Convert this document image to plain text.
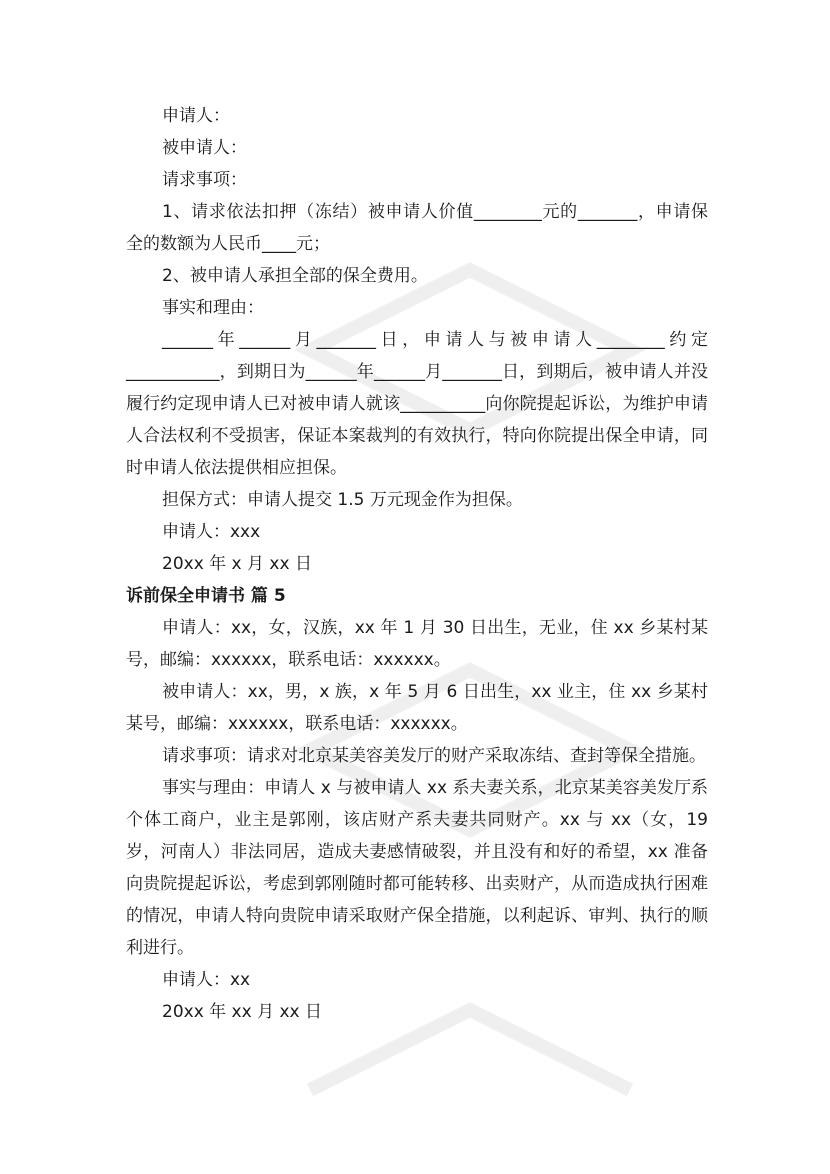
申请人：

被申请人：

请求事项：

1、请求依法扣押（冻结）被申请人价值________元的_______，申请保全的数额为人民币____元；

2、被申请人承担全部的保全费用。

事实和理由：

______年______月_______日，申请人与被申请人________约定___________，到期日为______年______月_______日，到期后，被申请人并没履行约定现申请人已对被申请人就该__________向你院提起诉讼，为维护申请人合法权利不受损害，保证本案裁判的有效执行，特向你院提出保全申请，同时申请人依法提供相应担保。

担保方式：申请人提交 1.5 万元现金作为担保。

申请人：xxx

20xx 年 x 月 xx 日

诉前保全申请书 篇 5

申请人：xx，女，汉族，xx 年 1 月 30 日出生，无业，住 xx 乡某村某号，邮编：xxxxxx，联系电话：xxxxxx。

被申请人：xx，男，x 族，x 年 5 月 6 日出生，xx 业主，住 xx 乡某村某号，邮编：xxxxxx，联系电话：xxxxxx。

请求事项：请求对北京某美容美发厅的财产采取冻结、查封等保全措施。

事实与理由：申请人 x 与被申请人 xx 系夫妻关系，北京某美容美发厅系个体工商户，业主是郭刚，该店财产系夫妻共同财产。xx 与 xx（女，19 岁，河南人）非法同居，造成夫妻感情破裂，并且没有和好的希望，xx 准备向贵院提起诉讼，考虑到郭刚随时都可能转移、出卖财产，从而造成执行困难的情况，申请人特向贵院申请采取财产保全措施，以利起诉、审判、执行的顺利进行。

申请人：xx

20xx 年 xx 月 xx 日
